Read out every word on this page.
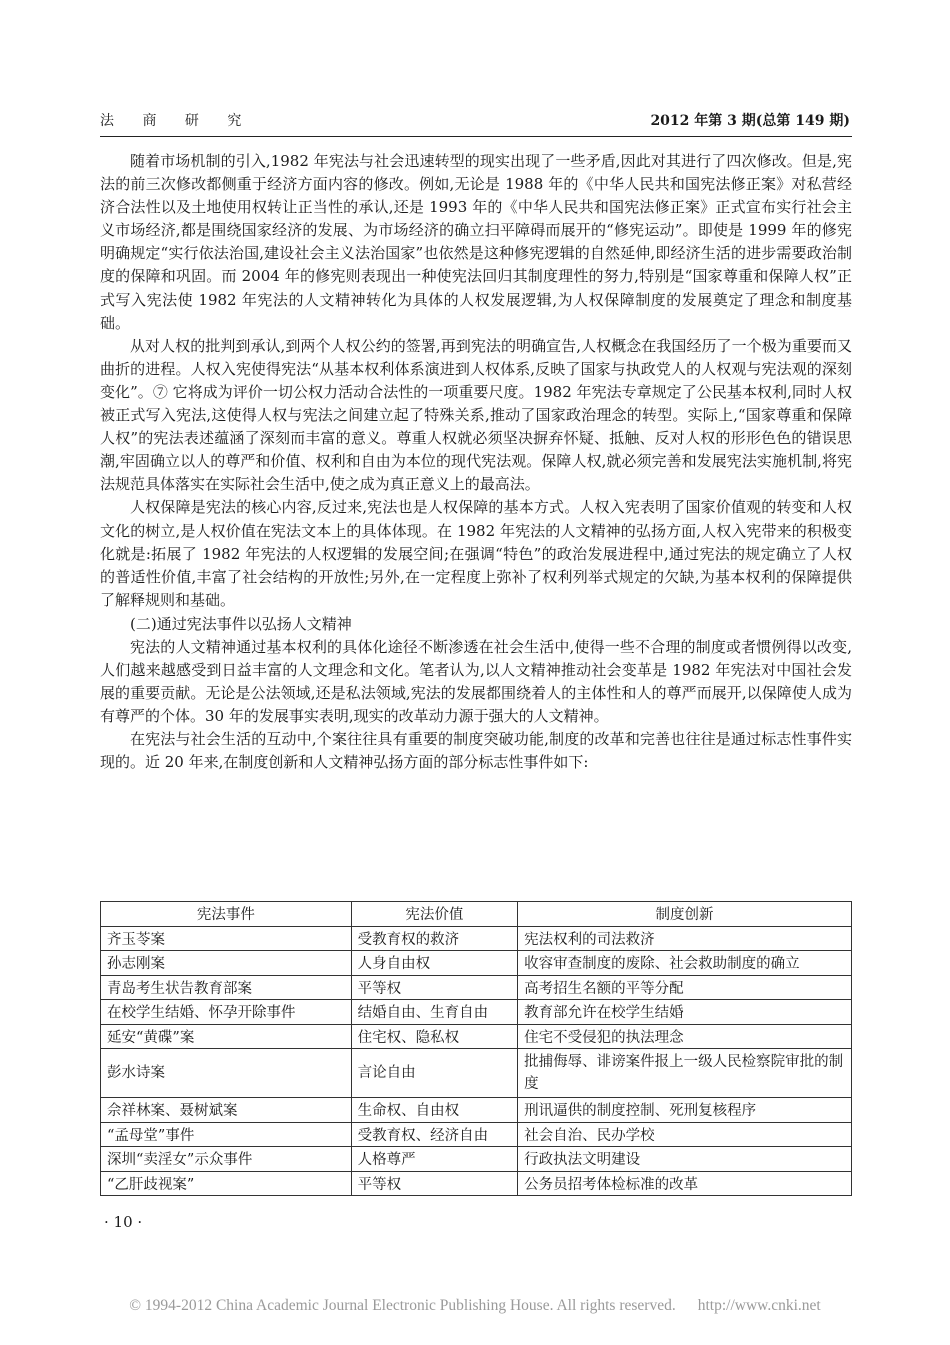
法 商 研 究	2012 年第 3 期(总第 149 期)

随着市场机制的引入,1982 年宪法与社会迅速转型的现实出现了一些矛盾,因此对其进行了四次修改。但是,宪法的前三次修改都侧重于经济方面内容的修改。例如,无论是 1988 年的《中华人民共和国宪法修正案》对私营经济合法性以及土地使用权转让正当性的承认,还是 1993 年的《中华人民共和国宪法修正案》正式宣布实行社会主义市场经济,都是围绕国家经济的发展、为市场经济的确立扫平障碍而展开的“修宪运动”。即使是 1999 年的修宪明确规定“实行依法治国,建设社会主义法治国家”也依然是这种修宪逻辑的自然延伸,即经济生活的进步需要政治制度的保障和巩固。而 2004 年的修宪则表现出一种使宪法回归其制度理性的努力,特别是“国家尊重和保障人权”正式写入宪法使 1982 年宪法的人文精神转化为具体的人权发展逻辑,为人权保障制度的发展奠定了理念和制度基础。

从对人权的批判到承认,到两个人权公约的签署,再到宪法的明确宣告,人权概念在我国经历了一个极为重要而又曲折的进程。人权入宪使得宪法“从基本权利体系演进到人权体系,反映了国家与执政党人的人权观与宪法观的深刻变化”。⑦ 它将成为评价一切公权力活动合法性的一项重要尺度。1982 年宪法专章规定了公民基本权利,同时人权被正式写入宪法,这使得人权与宪法之间建立起了特殊关系,推动了国家政治理念的转型。实际上,“国家尊重和保障人权”的宪法表述蕴涵了深刻而丰富的意义。尊重人权就必须坚决摒弃怀疑、抵触、反对人权的形形色色的错误思潮,牢固确立以人的尊严和价值、权利和自由为本位的现代宪法观。保障人权,就必须完善和发展宪法实施机制,将宪法规范具体落实在实际社会生活中,使之成为真正意义上的最高法。

人权保障是宪法的核心内容,反过来,宪法也是人权保障的基本方式。人权入宪表明了国家价值观的转变和人权文化的树立,是人权价值在宪法文本上的具体体现。在 1982 年宪法的人文精神的弘扬方面,人权入宪带来的积极变化就是:拓展了 1982 年宪法的人权逻辑的发展空间;在强调“特色”的政治发展进程中,通过宪法的规定确立了人权的普适性价值,丰富了社会结构的开放性;另外,在一定程度上弥补了权利列举式规定的欠缺,为基本权利的保障提供了解释规则和基础。

(二)通过宪法事件以弘扬人文精神

宪法的人文精神通过基本权利的具体化途径不断渗透在社会生活中,使得一些不合理的制度或者惯例得以改变,人们越来越感受到日益丰富的人文理念和文化。笔者认为,以人文精神推动社会变革是 1982 年宪法对中国社会发展的重要贡献。无论是公法领域,还是私法领域,宪法的发展都围绕着人的主体性和人的尊严而展开,以保障使人成为有尊严的个体。30 年的发展事实表明,现实的改革动力源于强大的人文精神。

在宪法与社会生活的互动中,个案往往具有重要的制度突破功能,制度的改革和完善也往往是通过标志性事件实现的。近 20 年来,在制度创新和人文精神弘扬方面的部分标志性事件如下:

宪法事件	宪法价值	制度创新
齐玉苓案	受教育权的救济	宪法权利的司法救济
孙志刚案	人身自由权	收容审查制度的废除、社会救助制度的确立
青岛考生状告教育部案	平等权	高考招生名额的平等分配
在校学生结婚、怀孕开除事件	结婚自由、生育自由	教育部允许在校学生结婚
延安“黄碟”案	住宅权、隐私权	住宅不受侵犯的执法理念
彭水诗案	言论自由	批捕侮辱、诽谤案件报上一级人民检察院审批的制度
佘祥林案、聂树斌案	生命权、自由权	刑讯逼供的制度控制、死刑复核程序
“孟母堂”事件	受教育权、经济自由	社会自治、民办学校
深圳“卖淫女”示众事件	人格尊严	行政执法文明建设
“乙肝歧视案”	平等权	公务员招考体检标准的改革
· 10 ·
© 1994-2012 China Academic Journal Electronic Publishing House. All rights reserved. http://www.cnki.net
